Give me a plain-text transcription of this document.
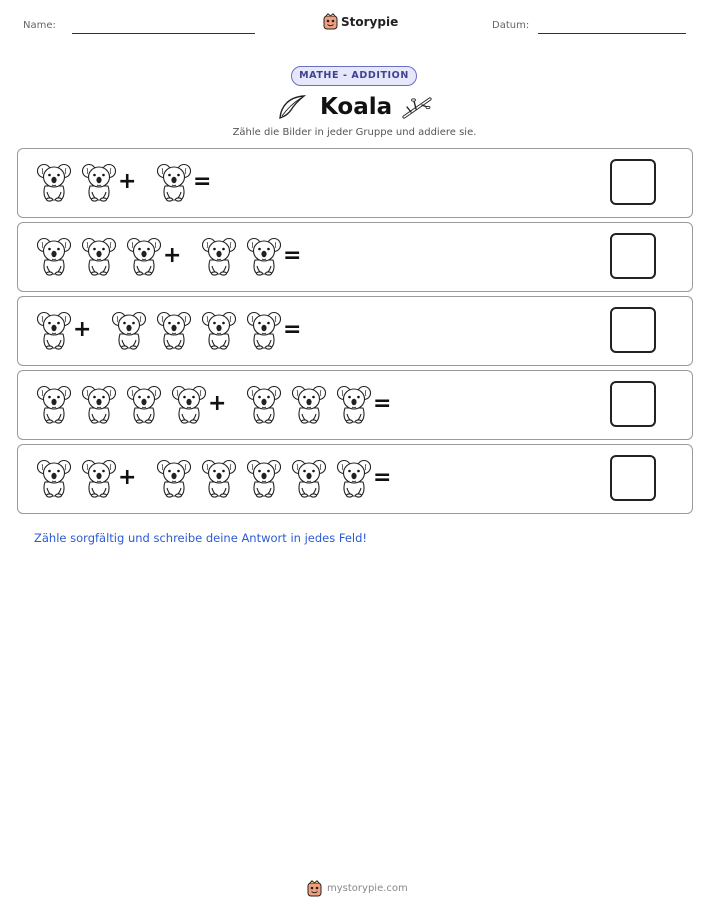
Name:	Storypie	Datum:
MATHE - ADDITION
Koala
Zähle die Bilder in jeder Gruppe und addiere sie.
+	=
+	=
+	=
+	=
+	=
Zähle sorgfältig und schreibe deine Antwort in jedes Feld!
mystorypie.com
